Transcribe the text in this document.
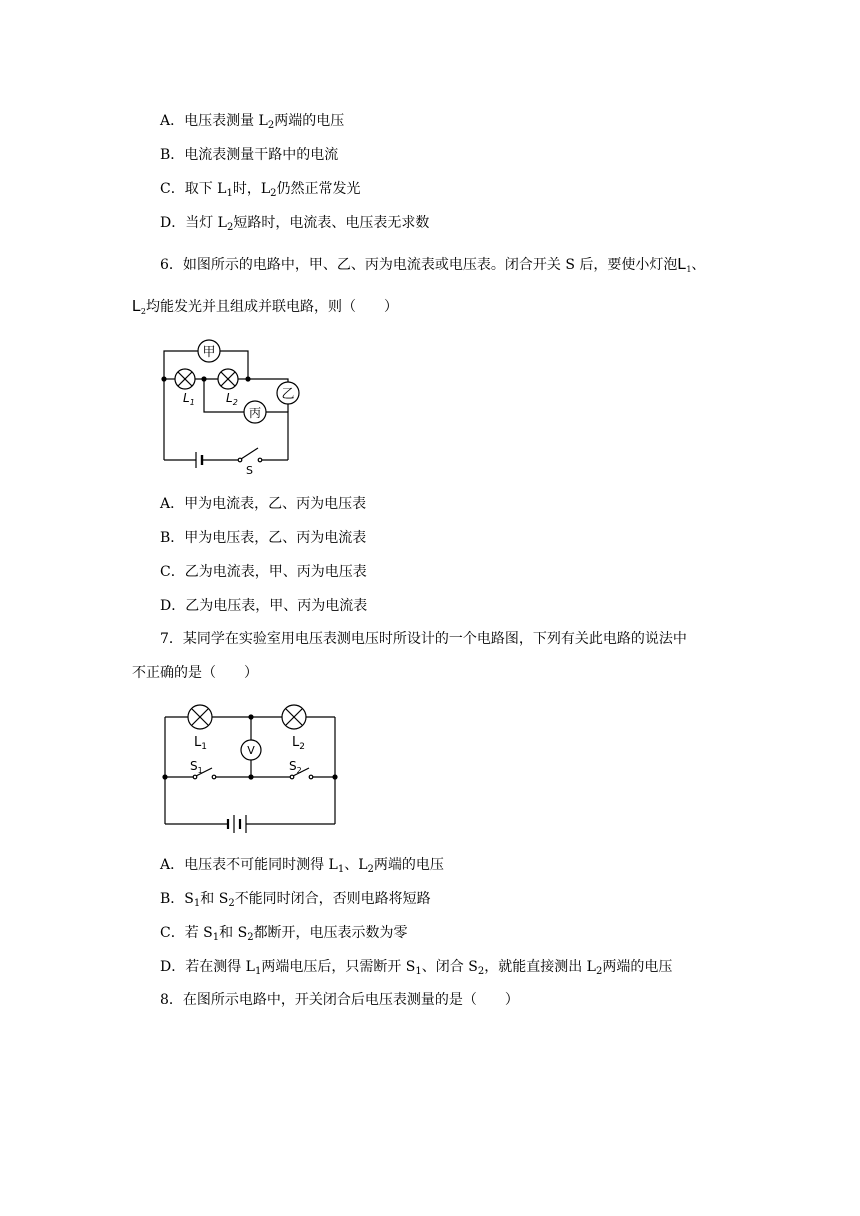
A．电压表测量 $L_2$两端的电压
B．电流表测量干路中的电流
C．取下 $L_1$时，$L_2$仍然正常发光
D．当灯 $L_2$短路时，电流表、电压表无求数
6．如图所示的电路中，甲、乙、丙为电流表或电压表。闭合开关 S 后，要使小灯泡$L_1$、
$L_2$均能发光并且组成并联电路，则（　　）
甲
乙
丙
$L_1$	$L_2$
S
A．甲为电流表，乙、丙为电压表
B．甲为电压表，乙、丙为电流表
C．乙为电流表，甲、丙为电压表
D．乙为电压表，甲、丙为电流表
7．某同学在实验室用电压表测电压时所设计的一个电路图，下列有关此电路的说法中
不正确的是（　　）
V
$L_1$	$L_2$
$S_1$	$S_2$
A．电压表不可能同时测得 $L_1$、$L_2$两端的电压
B．$S_1$和 $S_2$不能同时闭合，否则电路将短路
C．若 $S_1$和 $S_2$都断开，电压表示数为零
D．若在测得 $L_1$两端电压后，只需断开 $S_1$、闭合 $S_2$，就能直接测出 $L_2$两端的电压
8．在图所示电路中，开关闭合后电压表测量的是（　　）
